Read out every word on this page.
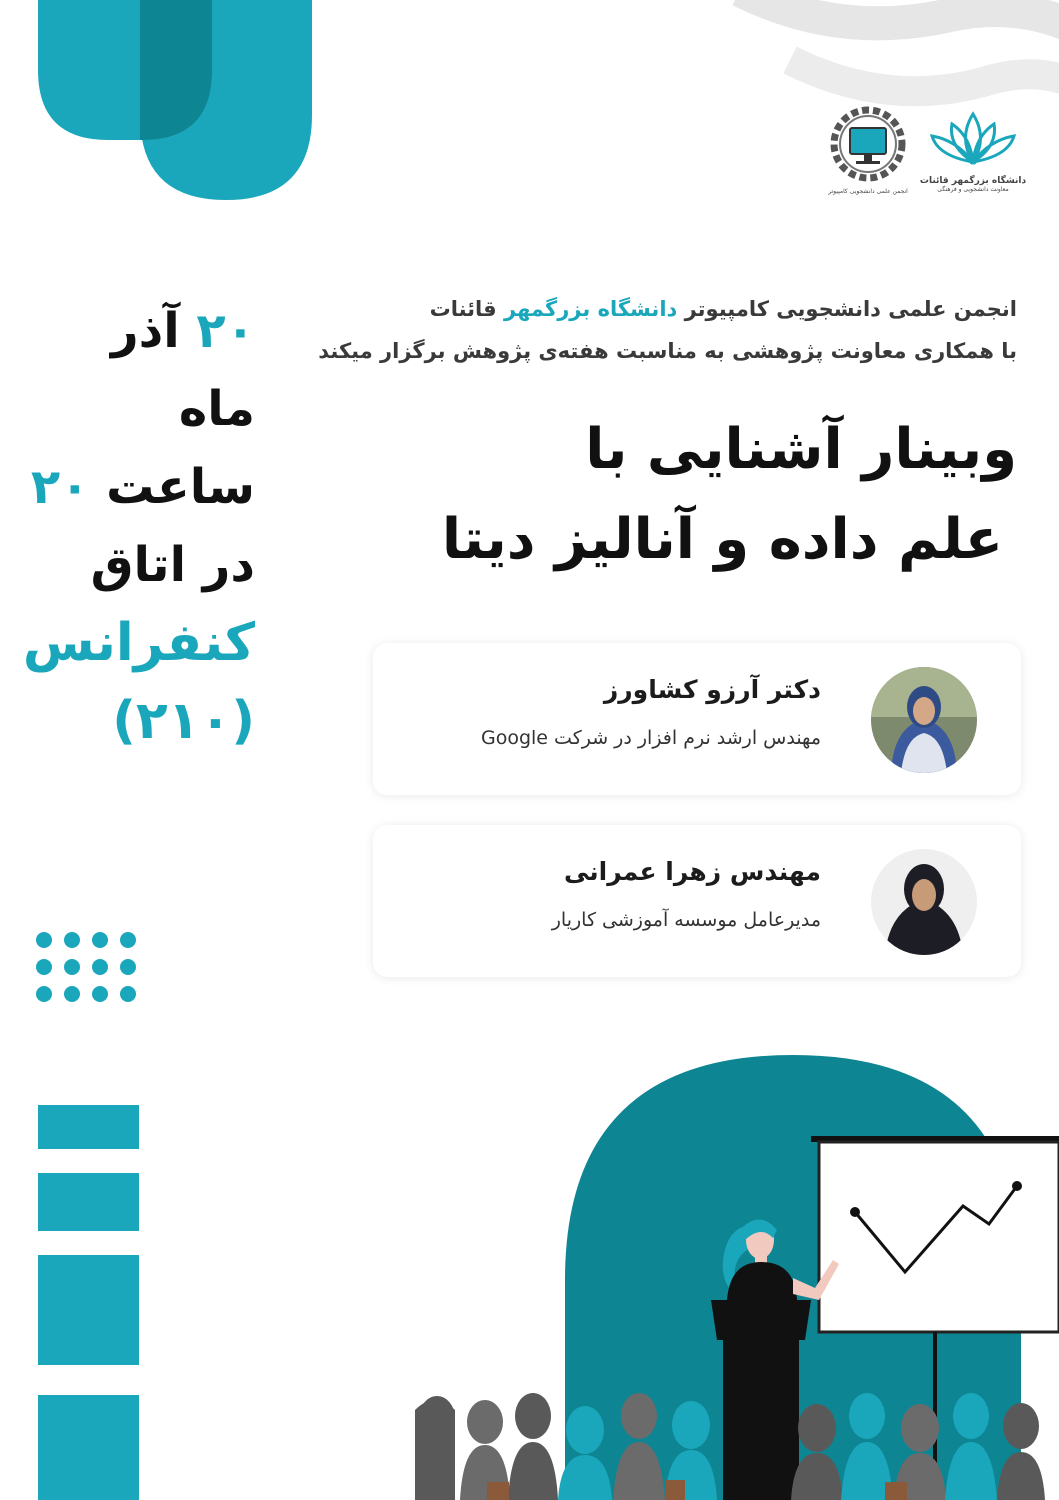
دانشگاه بزرگمهر قائنات
معاونت دانشجویی و فرهنگی
انجمن علمی دانشجویی کامپیوتر
انجمن علمی دانشجویی کامپیوتر دانشگاه بزرگمهر قائنات
با همکاری معاونت پژوهشی به مناسبت هفته‌ی پژوهش برگزار میکند
وبینار آشنایی با
علم داده و آنالیز دیتا
۲۰ آذر ماه
ساعت ۲۰
در اتاق
کنفرانس
(۲۱۰)
دکتر آرزو کشاورز
مهندس ارشد نرم افزار در شرکت Google
مهندس زهرا عمرانی
مدیرعامل موسسه آموزشی کاریار
